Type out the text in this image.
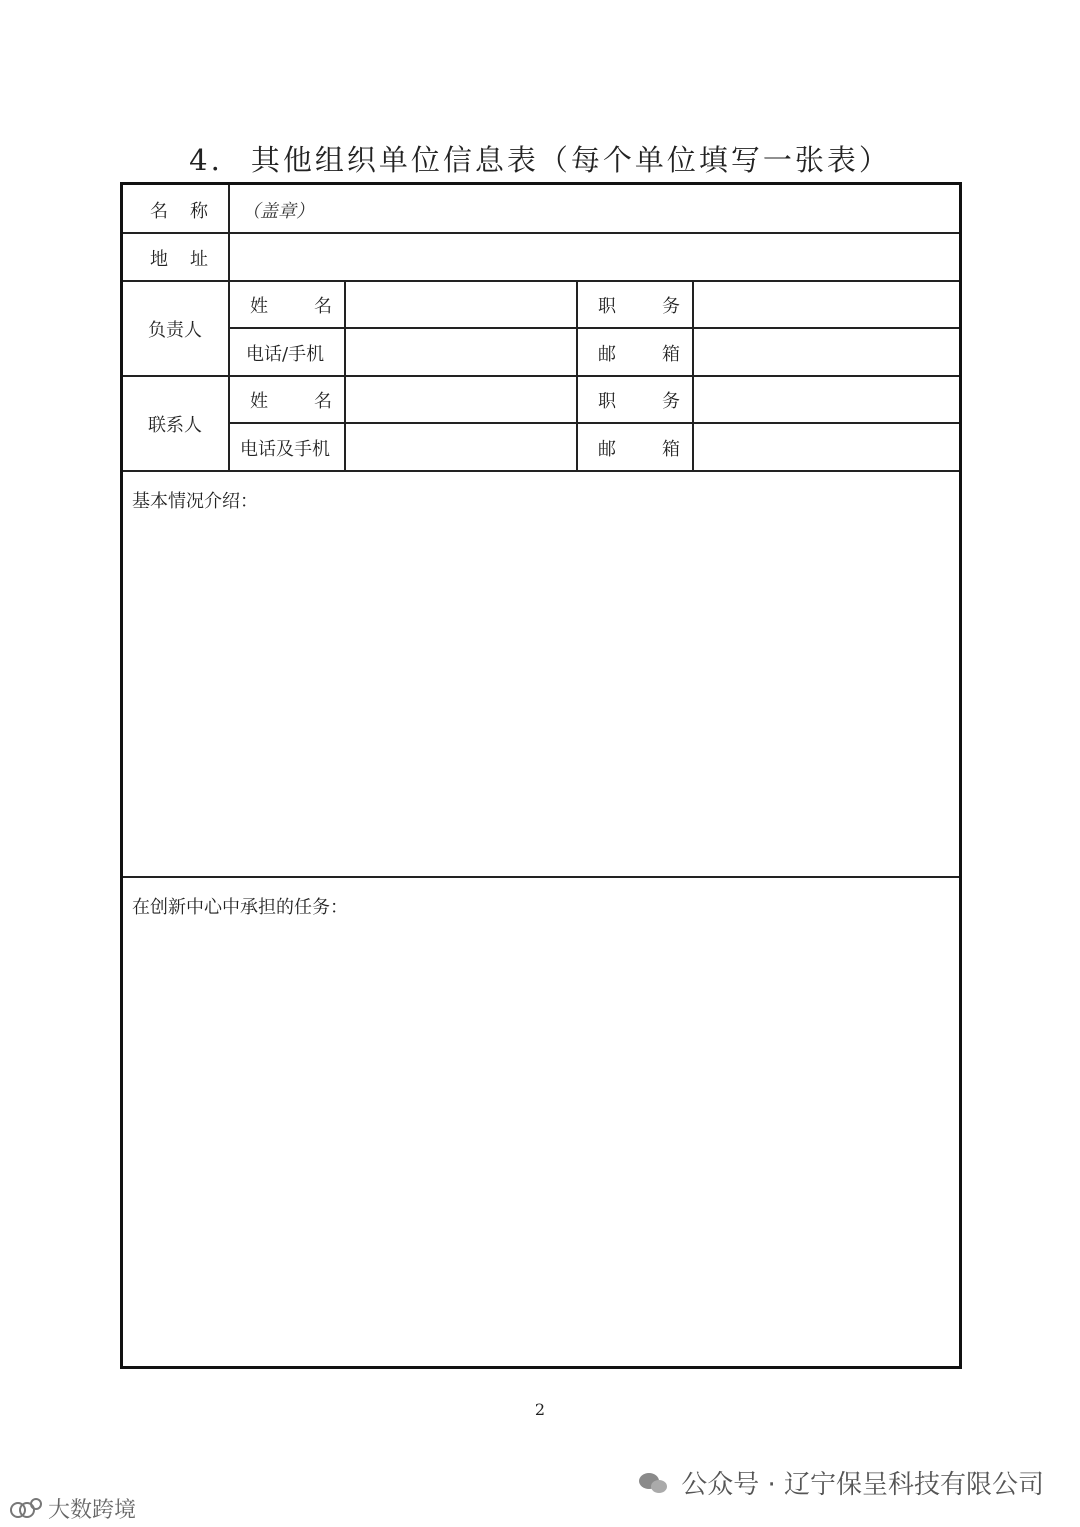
4. 其他组织单位信息表（每个单位填写一张表）
名称 （盖章）
地址
负责人
姓名	职务
电话/手机	邮箱
联系人
姓名	职务
电话及手机	邮箱
基本情况介绍：
在创新中心中承担的任务：
2
公众号 · 辽宁保呈科技有限公司
大数跨境
